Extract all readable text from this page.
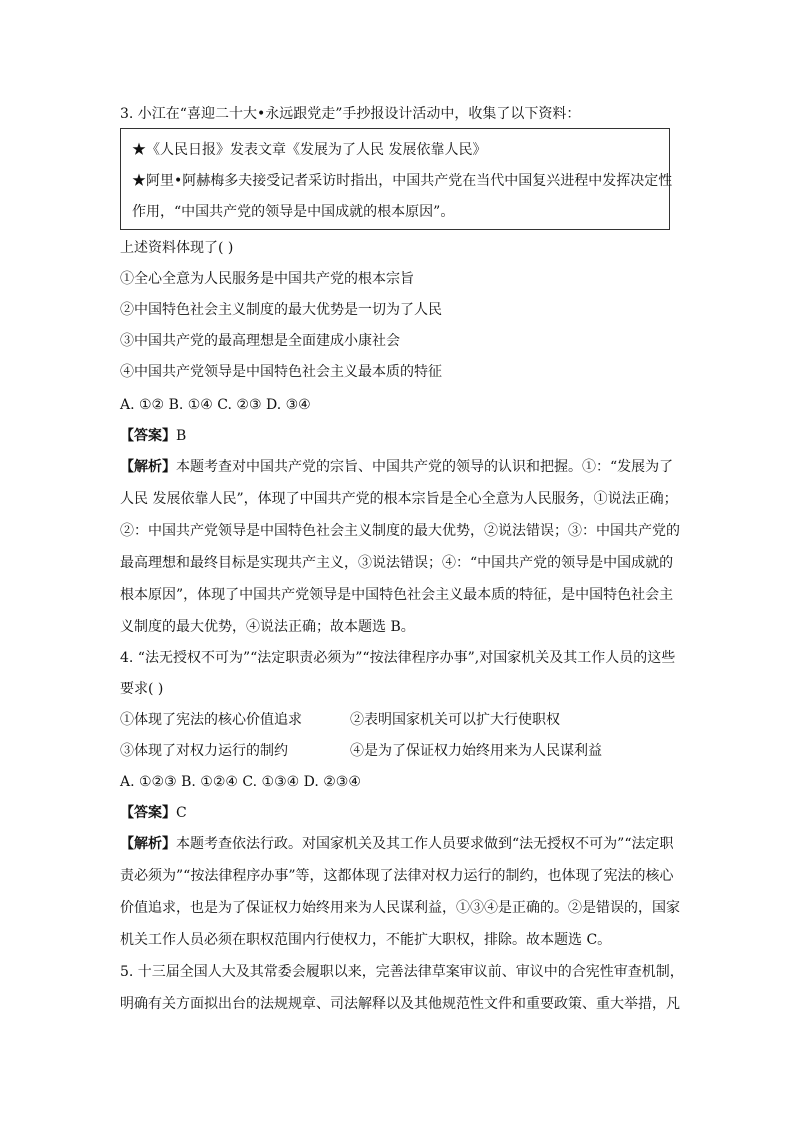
3. 小江在“喜迎二十大•永远跟党走”手抄报设计活动中，收集了以下资料：
★《人民日报》发表文章《发展为了人民 发展依靠人民》
★阿里•阿赫梅多夫接受记者采访时指出，中国共产党在当代中国复兴进程中发挥决定性
作用，“中国共产党的领导是中国成就的根本原因”。
上述资料体现了( )
①全心全意为人民服务是中国共产党的根本宗旨
②中国特色社会主义制度的最大优势是一切为了人民
③中国共产党的最高理想是全面建成小康社会
④中国共产党领导是中国特色社会主义最本质的特征
A. ①② B. ①④ C. ②③ D. ③④
【答案】B
【解析】本题考查对中国共产党的宗旨、中国共产党的领导的认识和把握。①：“发展为了
人民 发展依靠人民”，体现了中国共产党的根本宗旨是全心全意为人民服务，①说法正确；
②：中国共产党领导是中国特色社会主义制度的最大优势，②说法错误；③：中国共产党的
最高理想和最终目标是实现共产主义，③说法错误；④：“中国共产党的领导是中国成就的
根本原因”，体现了中国共产党领导是中国特色社会主义最本质的特征，是中国特色社会主
义制度的最大优势，④说法正确；故本题选 B。
4. “法无授权不可为”“法定职责必须为”“按法律程序办事”,对国家机关及其工作人员的这些
要求( )
①体现了宪法的核心价值追求	②表明国家机关可以扩大行使职权
③体现了对权力运行的制约	④是为了保证权力始终用来为人民谋利益
A. ①②③ B. ①②④ C. ①③④ D. ②③④
【答案】C
【解析】本题考查依法行政。对国家机关及其工作人员要求做到“法无授权不可为”“法定职
责必须为”“按法律程序办事”等，这都体现了法律对权力运行的制约，也体现了宪法的核心
价值追求，也是为了保证权力始终用来为人民谋利益，①③④是正确的。②是错误的，国家
机关工作人员必须在职权范围内行使权力，不能扩大职权，排除。故本题选 C。
5. 十三届全国人大及其常委会履职以来，完善法律草案审议前、审议中的合宪性审查机制，
明确有关方面拟出台的法规规章、司法解释以及其他规范性文件和重要政策、重大举措，凡
